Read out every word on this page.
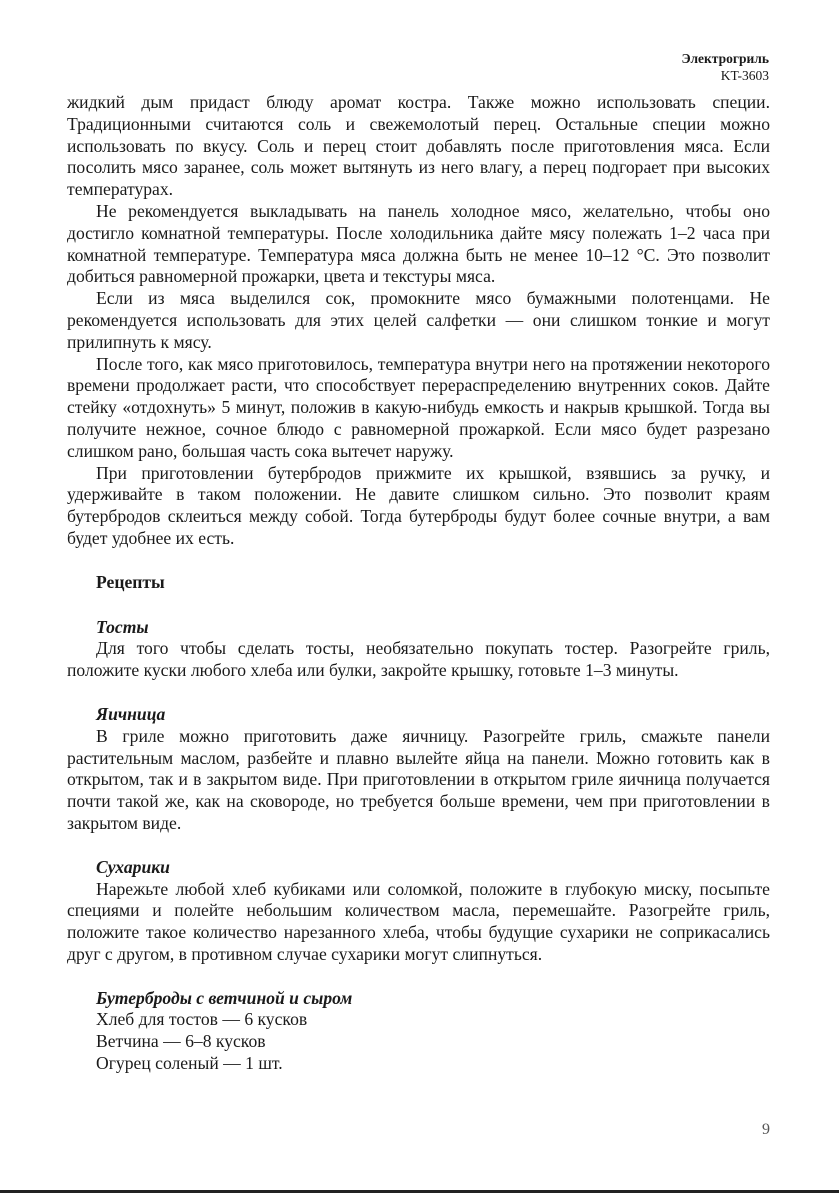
Электрогриль
KT-3603

жидкий дым придаст блюду аромат костра. Также можно использовать специи. Традиционными считаются соль и свежемолотый перец. Остальные специи можно использовать по вкусу. Соль и перец стоит добавлять после приготовления мяса. Если посолить мясо заранее, соль может вытянуть из него влагу, а перец подгорает при высоких температурах.

Не рекомендуется выкладывать на панель холодное мясо, желательно, чтобы оно достигло комнатной температуры. После холодильника дайте мясу полежать 1–2 часа при комнатной температуре. Температура мяса должна быть не менее 10–12 °C. Это позволит добиться равномерной прожарки, цвета и текстуры мяса.

Если из мяса выделился сок, промокните мясо бумажными полотенцами. Не рекомендуется использовать для этих целей салфетки — они слишком тонкие и могут прилипнуть к мясу.

После того, как мясо приготовилось, температура внутри него на протяжении некоторого времени продолжает расти, что способствует перераспределению внутренних соков. Дайте стейку «отдохнуть» 5 минут, положив в какую-нибудь емкость и накрыв крышкой. Тогда вы получите нежное, сочное блюдо с равномерной прожаркой. Если мясо будет разрезано слишком рано, большая часть сока вытечет наружу.

При приготовлении бутербродов прижмите их крышкой, взявшись за ручку, и удерживайте в таком положении. Не давите слишком сильно. Это позволит краям бутербродов склеиться между собой. Тогда бутерброды будут более сочные внутри, а вам будет удобнее их есть.

Рецепты
Тосты

Для того чтобы сделать тосты, необязательно покупать тостер. Разогрейте гриль, положите куски любого хлеба или булки, закройте крышку, готовьте 1–3 минуты.

Яичница

В гриле можно приготовить даже яичницу. Разогрейте гриль, смажьте панели растительным маслом, разбейте и плавно вылейте яйца на панели. Можно готовить как в открытом, так и в закрытом виде. При приготовлении в открытом гриле яичница получается почти такой же, как на сковороде, но требуется больше времени, чем при приготовлении в закрытом виде.

Сухарики

Нарежьте любой хлеб кубиками или соломкой, положите в глубокую миску, посыпьте специями и полейте небольшим количеством масла, перемешайте. Разогрейте гриль, положите такое количество нарезанного хлеба, чтобы будущие сухарики не соприкасались друг с другом, в противном случае сухарики могут слипнуться.

Бутерброды с ветчиной и сыром
Хлеб для тостов — 6 кусков
Ветчина — 6–8 кусков
Огурец соленый — 1 шт.
9
